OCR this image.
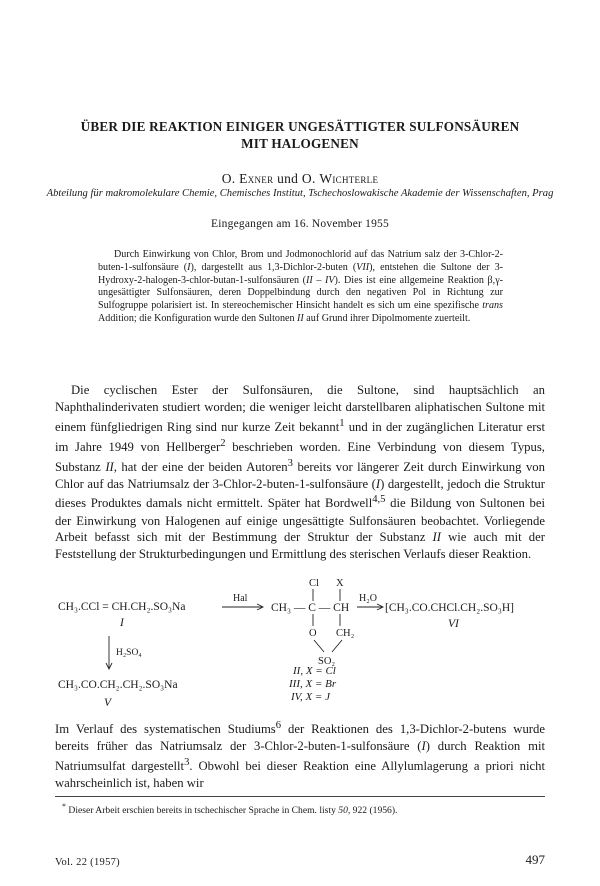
ÜBER DIE REAKTION EINIGER UNGESÄTTIGTER SULFONSÄUREN
MIT HALOGENEN
O. Exner und O. Wichterle
Abteilung für makromolekulare Chemie, Chemisches Institut, Tschechoslowakische Akademie der Wissenschaften, Prag
Eingegangen am 16. November 1955
Durch Einwirkung von Chlor, Brom und Jodmonochlorid auf das Natrium salz der 3-Chlor-2-buten-1-sulfonsäure (I), dargestellt aus 1,3-Dichlor-2-buten (VII), entstehen die Sultone der 3-Hydroxy-2-halogen-3-chlor-butan-1-sulfonsäuren (II – IV). Dies ist eine allgemeine Reaktion β,γ-ungesättigter Sulfonsäuren, deren Doppelbindung durch den negativen Pol in Richtung zur Sulfogruppe polarisiert ist. In stereochemischer Hinsicht handelt es sich um eine spezifische trans Addition; die Konfiguration wurde den Sultonen II auf Grund ihrer Dipolmomente zuerteilt.
Die cyclischen Ester der Sulfonsäuren, die Sultone, sind hauptsächlich an Naphthalinderivaten studiert worden; die weniger leicht darstellbaren aliphatischen Sultone mit einem fünfgliedrigen Ring sind nur kurze Zeit bekannt$^1$ und in der zugänglichen Literatur erst im Jahre 1949 von Hellberger$^2$ beschrieben worden. Eine Verbindung von diesem Typus, Substanz II, hat der eine der beiden Autoren$^3$ bereits vor längerer Zeit durch Einwirkung von Chlor auf das Natriumsalz der 3-Chlor-2-buten-1-sulfonsäure (I) dargestellt, jedoch die Struktur dieses Produktes damals nicht ermittelt. Später hat Bordwell$^{4,5}$ die Bildung von Sultonen bei der Einwirkung von Halogenen auf einige ungesättigte Sulfonsäuren beobachtet. Vorliegende Arbeit befasst sich mit der Bestimmung der Struktur der Substanz II wie auch mit der Feststellung der Strukturbedingungen und Ermittlung des sterischen Verlaufs dieser Reaktion.
CH₃.CCl = CH.CH₂.SO₃Na
I
Hal
Cl X
CH₃ — C — CH
O CH₂
SO₂
H₂O
[CH₃.CO.CHCl.CH₂.SO₃H]
VI
H₂SO₄
CH₃.CO.CH₂.CH₂.SO₃Na
V
II, X = Cl
III, X = Br
IV, X = J
Im Verlauf des systematischen Studiums$^6$ der Reaktionen des 1,3-Dichlor-2-butens wurde bereits früher das Natriumsalz der 3-Chlor-2-buten-1-sulfonsäure (I) durch Reaktion mit Natriumsulfat dargestellt$^3$. Obwohl bei dieser Reaktion eine Allylumlagerung a priori nicht wahrscheinlich ist, haben wir
* Dieser Arbeit erschien bereits in tschechischer Sprache in Chem. listy 50, 922 (1956).
Vol. 22 (1957)	497
